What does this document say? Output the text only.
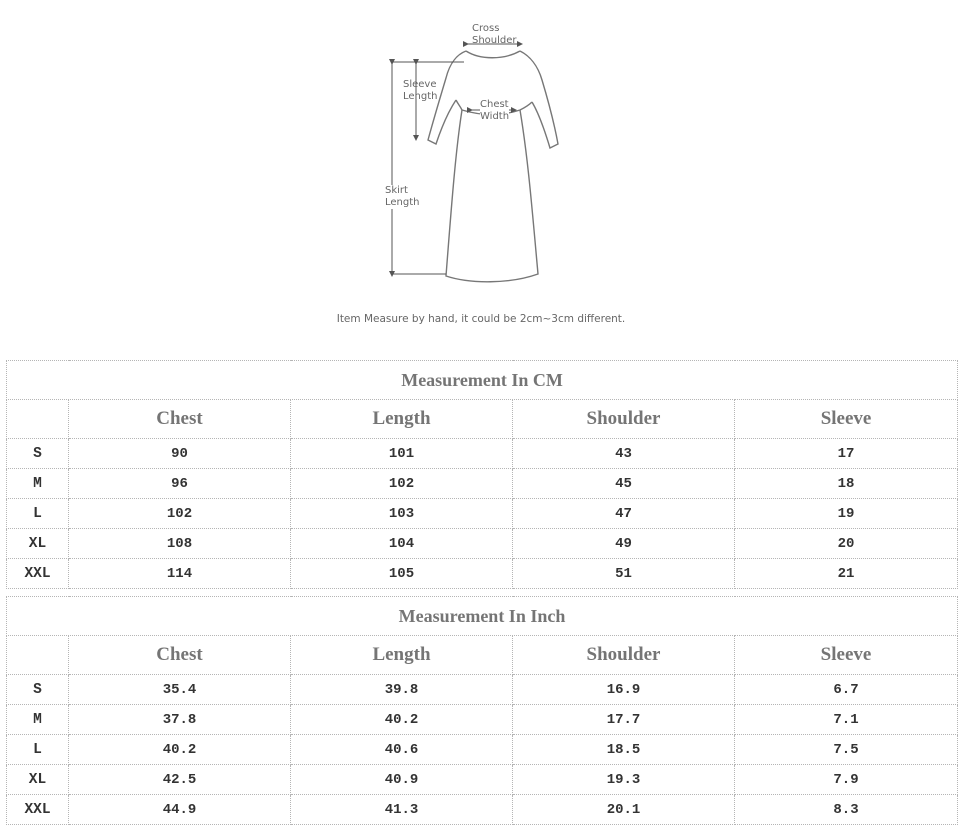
Cross
Shoulder
Sleeve
Length
Chest
Width
Skirt
Length
Item Measure by hand, it could be 2cm~3cm different.
Measurement In CM				
	Chest	Length	Shoulder	Sleeve
S	90	101	43	17
M	96	102	45	18
L	102	103	47	19
XL	108	104	49	20
XXL	114	105	51	21
Measurement In Inch				
	Chest	Length	Shoulder	Sleeve
S	35.4	39.8	16.9	6.7
M	37.8	40.2	17.7	7.1
L	40.2	40.6	18.5	7.5
XL	42.5	40.9	19.3	7.9
XXL	44.9	41.3	20.1	8.3
